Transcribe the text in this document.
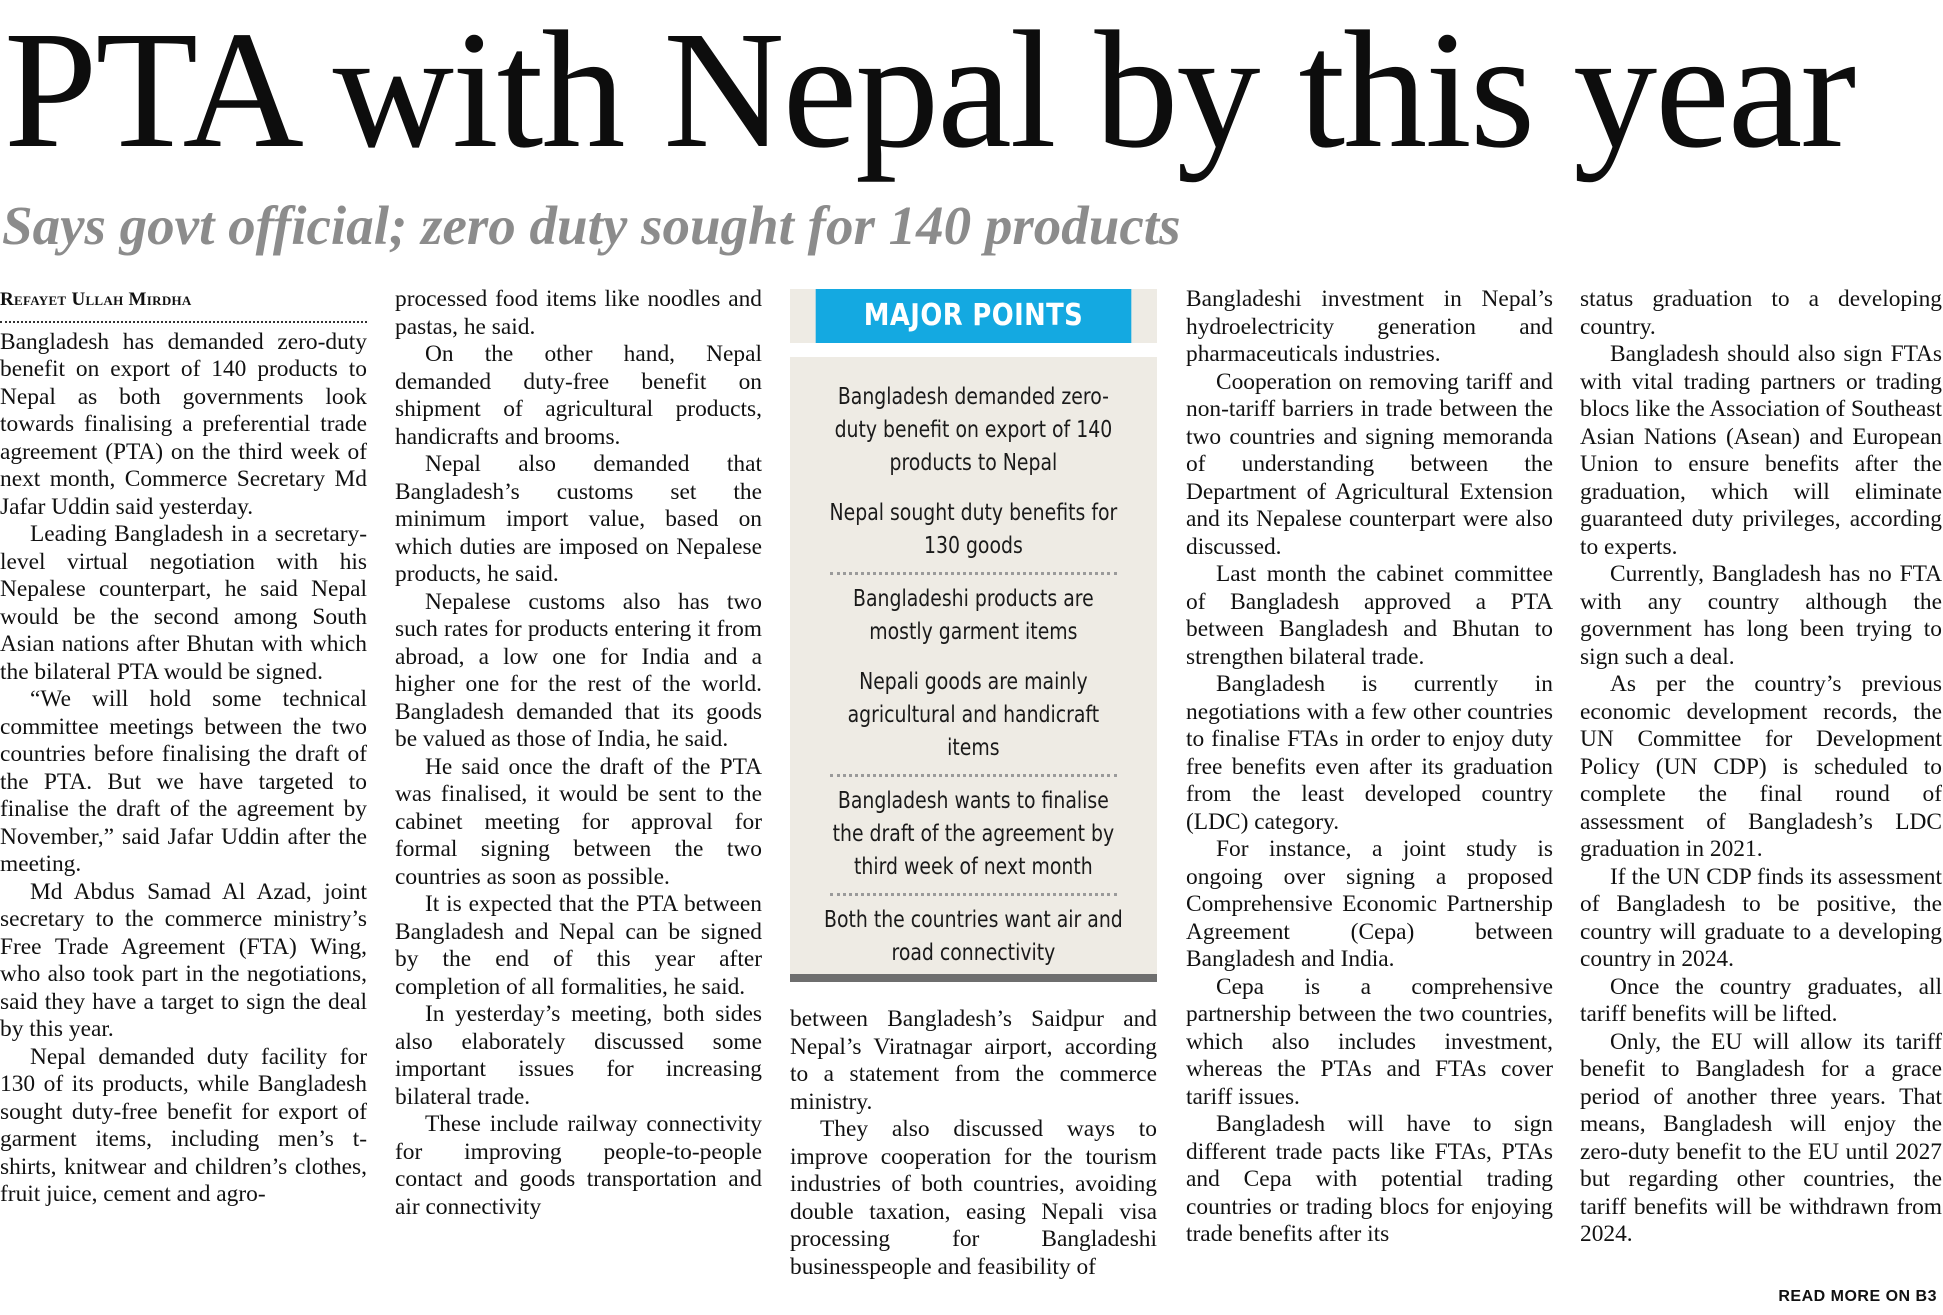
PTA with Nepal by this year
Says govt official; zero duty sought for 140 products

Refayet Ullah Mirdha

Bangladesh has demanded zero-duty benefit on export of 140 products to Nepal as both governments look towards finalising a preferential trade agreement (PTA) on the third week of next month, Commerce Secretary Md Jafar Uddin said yesterday.

Leading Bangladesh in a secretary-level virtual negotiation with his Nepalese counterpart, he said Nepal would be the second among South Asian nations after Bhutan with which the bilateral PTA would be signed.

“We will hold some technical committee meetings between the two countries before finalising the draft of the PTA. But we have targeted to finalise the draft of the agreement by November,” said Jafar Uddin after the meeting.

Md Abdus Samad Al Azad, joint secretary to the commerce ministry’s Free Trade Agreement (FTA) Wing, who also took part in the negotiations, said they have a target to sign the deal by this year.

Nepal demanded duty facility for 130 of its products, while Bangladesh sought duty-free benefit for export of garment items, including men’s t-shirts, knitwear and children’s clothes, fruit juice, cement and agro-

processed food items like noodles and pastas, he said.

On the other hand, Nepal demanded duty-free benefit on shipment of agricultural products, handicrafts and brooms.

Nepal also demanded that Bangladesh’s customs set the minimum import value, based on which duties are imposed on Nepalese products, he said.

Nepalese customs also has two such rates for products entering it from abroad, a low one for India and a higher one for the rest of the world. Bangladesh demanded that its goods be valued as those of India, he said.

He said once the draft of the PTA was finalised, it would be sent to the cabinet meeting for approval for formal signing between the two countries as soon as possible.

It is expected that the PTA between Bangladesh and Nepal can be signed by the end of this year after completion of all formalities, he said.

In yesterday’s meeting, both sides also elaborately discussed some important issues for increasing bilateral trade.

These include railway connectivity for improving people-to-people contact and goods transportation and air connectivity

MAJOR POINTS
Bangladesh demanded zero-duty benefit on export of 140 products to Nepal
Nepal sought duty benefits for 130 goods
Bangladeshi products are mostly garment items
Nepali goods are mainly agricultural and handicraft items
Bangladesh wants to finalise the draft of the agreement by third week of next month
Both the countries want air and road connectivity

between Bangladesh’s Saidpur and Nepal’s Viratnagar airport, according to a statement from the commerce ministry.

They also discussed ways to improve cooperation for the tourism industries of both countries, avoiding double taxation, easing Nepali visa processing for Bangladeshi businesspeople and feasibility of

Bangladeshi investment in Nepal’s hydroelectricity generation and pharmaceuticals industries.

Cooperation on removing tariff and non-tariff barriers in trade between the two countries and signing memoranda of understanding between the Department of Agricultural Extension and its Nepalese counterpart were also discussed.

Last month the cabinet committee of Bangladesh approved a PTA between Bangladesh and Bhutan to strengthen bilateral trade.

Bangladesh is currently in negotiations with a few other countries to finalise FTAs in order to enjoy duty free benefits even after its graduation from the least developed country (LDC) category.

For instance, a joint study is ongoing over signing a proposed Comprehensive Economic Partnership Agreement (Cepa) between Bangladesh and India.

Cepa is a comprehensive partnership between the two countries, which also includes investment, whereas the PTAs and FTAs cover tariff issues.

Bangladesh will have to sign different trade pacts like FTAs, PTAs and Cepa with potential trading countries or trading blocs for enjoying trade benefits after its

status graduation to a developing country.

Bangladesh should also sign FTAs with vital trading partners or trading blocs like the Association of Southeast Asian Nations (Asean) and European Union to ensure benefits after the graduation, which will eliminate guaranteed duty privileges, according to experts.

Currently, Bangladesh has no FTA with any country although the government has long been trying to sign such a deal.

As per the country’s previous economic development records, the UN Committee for Development Policy (UN CDP) is scheduled to complete the final round of assessment of Bangladesh’s LDC graduation in 2021.

If the UN CDP finds its assessment of Bangladesh to be positive, the country will graduate to a developing country in 2024.

Once the country graduates, all tariff benefits will be lifted.

Only, the EU will allow its tariff benefit to Bangladesh for a grace period of another three years. That means, Bangladesh will enjoy the zero-duty benefit to the EU until 2027 but regarding other countries, the tariff benefits will be withdrawn from 2024.

READ MORE ON B3
